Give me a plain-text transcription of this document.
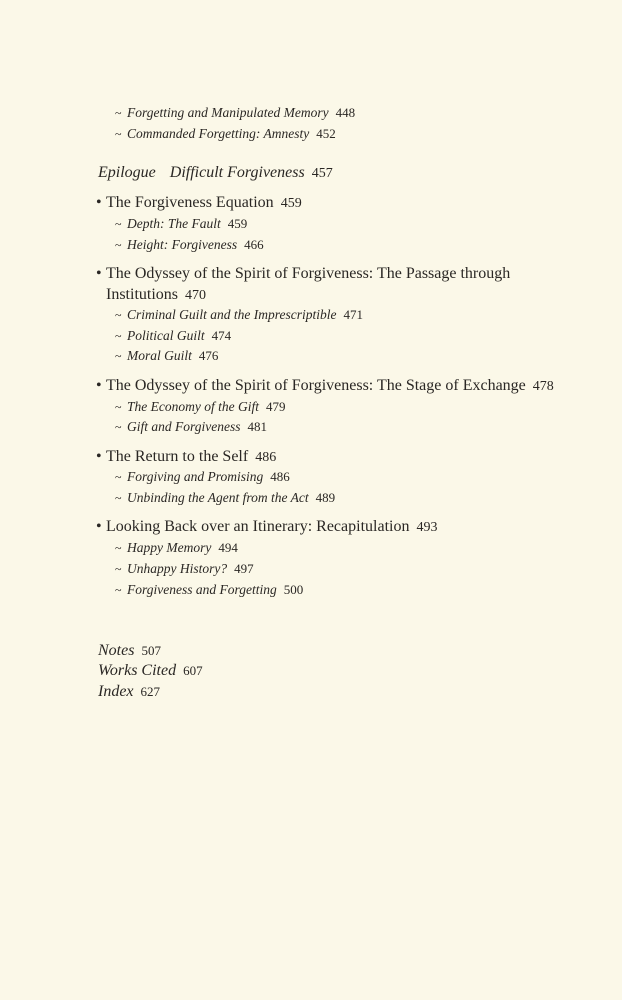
~ Forgetting and Manipulated Memory 448
~ Commanded Forgetting: Amnesty 452
Epilogue Difficult Forgiveness 457
• The Forgiveness Equation 459
~ Depth: The Fault 459
~ Height: Forgiveness 466
• The Odyssey of the Spirit of Forgiveness: The Passage through
Institutions 470
~ Criminal Guilt and the Imprescriptible 471
~ Political Guilt 474
~ Moral Guilt 476
• The Odyssey of the Spirit of Forgiveness: The Stage of Exchange 478
~ The Economy of the Gift 479
~ Gift and Forgiveness 481
• The Return to the Self 486
~ Forgiving and Promising 486
~ Unbinding the Agent from the Act 489
• Looking Back over an Itinerary: Recapitulation 493
~ Happy Memory 494
~ Unhappy History? 497
~ Forgiveness and Forgetting 500
Notes 507
Works Cited 607
Index 627
